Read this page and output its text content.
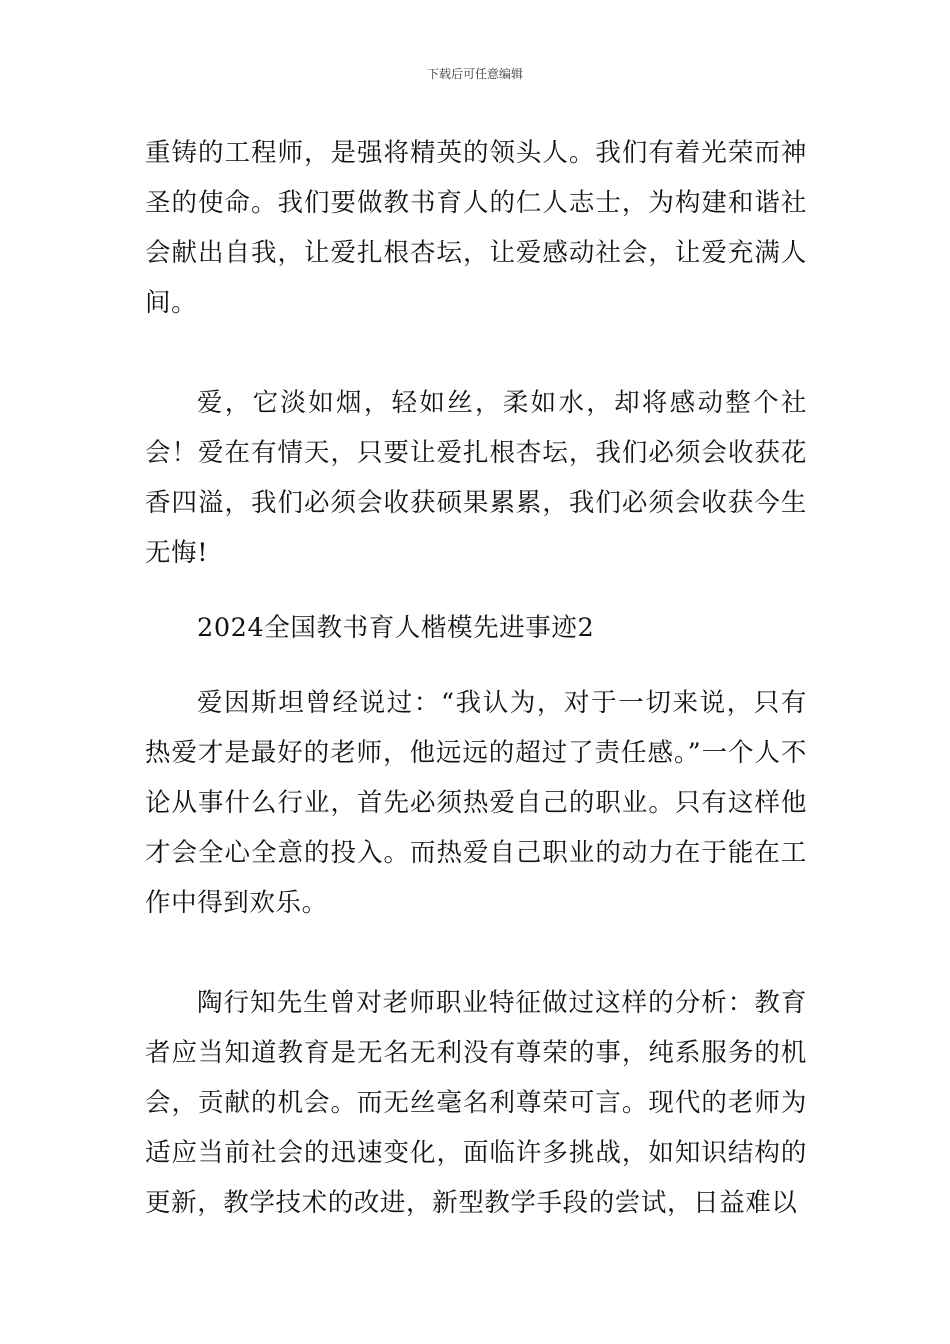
下载后可任意编辑

重铸的工程师，是强将精英的领头人。我们有着光荣而神圣的使命。我们要做教书育人的仁人志士，为构建和谐社会献出自我，让爱扎根杏坛，让爱感动社会，让爱充满人间。

爱，它淡如烟，轻如丝，柔如水，却将感动整个社会！爱在有情天，只要让爱扎根杏坛，我们必须会收获花香四溢，我们必须会收获硕果累累，我们必须会收获今生无悔!

2024全国教书育人楷模先进事迹2

爱因斯坦曾经说过：“我认为，对于一切来说，只有热爱才是最好的老师，他远远的超过了责任感。”一个人不论从事什么行业，首先必须热爱自己的职业。只有这样他才会全心全意的投入。而热爱自己职业的动力在于能在工作中得到欢乐。

陶行知先生曾对老师职业特征做过这样的分析：教育者应当知道教育是无名无利没有尊荣的事，纯系服务的机会，贡献的机会。而无丝毫名利尊荣可言。现代的老师为适应当前社会的迅速变化，面临许多挑战，如知识结构的更新，教学技术的改进，新型教学手段的尝试，日益难以
